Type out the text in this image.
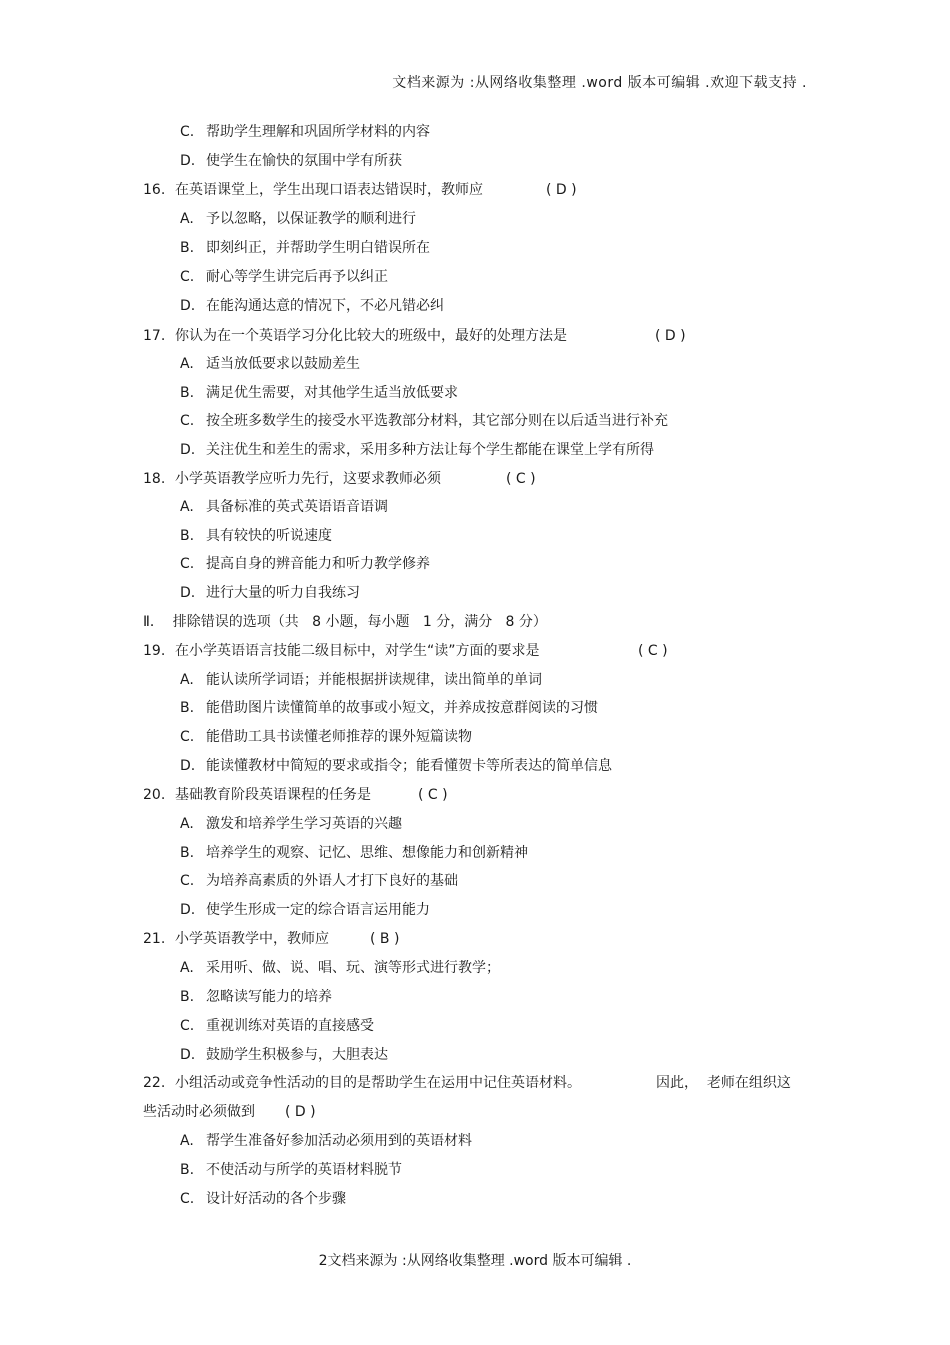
文档来源为 :从网络收集整理 .word 版本可编辑 .欢迎下载支持 .
C. 帮助学生理解和巩固所学材料的内容
D. 使学生在愉快的氛围中学有所获
16. 在英语课堂上，学生出现口语表达错误时，教师应	( D )
A. 予以忽略，以保证教学的顺利进行
B. 即刻纠正，并帮助学生明白错误所在
C. 耐心等学生讲完后再予以纠正
D. 在能沟通达意的情况下，不必凡错必纠
17. 你认为在一个英语学习分化比较大的班级中，最好的处理方法是	( D )
A. 适当放低要求以鼓励差生
B. 满足优生需要，对其他学生适当放低要求
C. 按全班多数学生的接受水平选教部分材料，其它部分则在以后适当进行补充
D. 关注优生和差生的需求，采用多种方法让每个学生都能在课堂上学有所得
18. 小学英语教学应听力先行，这要求教师必须	( C )
A. 具备标准的英式英语语音语调
B. 具有较快的听说速度
C. 提高自身的辨音能力和听力教学修养
D. 进行大量的听力自我练习
Ⅱ．  排除错误的选项（共   8 小题，每小题   1 分，满分   8 分）
19. 在小学英语语言技能二级目标中，对学生“读”方面的要求是	( C )
A. 能认读所学词语；并能根据拼读规律，读出简单的单词
B. 能借助图片读懂简单的故事或小短文，并养成按意群阅读的习惯
C. 能借助工具书读懂老师推荐的课外短篇读物
D. 能读懂教材中简短的要求或指令；能看懂贺卡等所表达的简单信息
20. 基础教育阶段英语课程的任务是	( C )
A. 激发和培养学生学习英语的兴趣
B. 培养学生的观察、记忆、思维、想像能力和创新精神
C. 为培养高素质的外语人才打下良好的基础
D. 使学生形成一定的综合语言运用能力
21. 小学英语教学中，教师应	( B )
A. 采用听、做、说、唱、玩、演等形式进行教学；
B. 忽略读写能力的培养
C. 重视训练对英语的直接感受
D. 鼓励学生积极参与，大胆表达
22. 小组活动或竞争性活动的目的是帮助学生在运用中记住英语材料。	因此，  老师在组织这
些活动时必须做到 ( D )
A. 帮学生准备好参加活动必须用到的英语材料
B. 不使活动与所学的英语材料脱节
C. 设计好活动的各个步骤
2文档来源为 :从网络收集整理 .word 版本可编辑 .
